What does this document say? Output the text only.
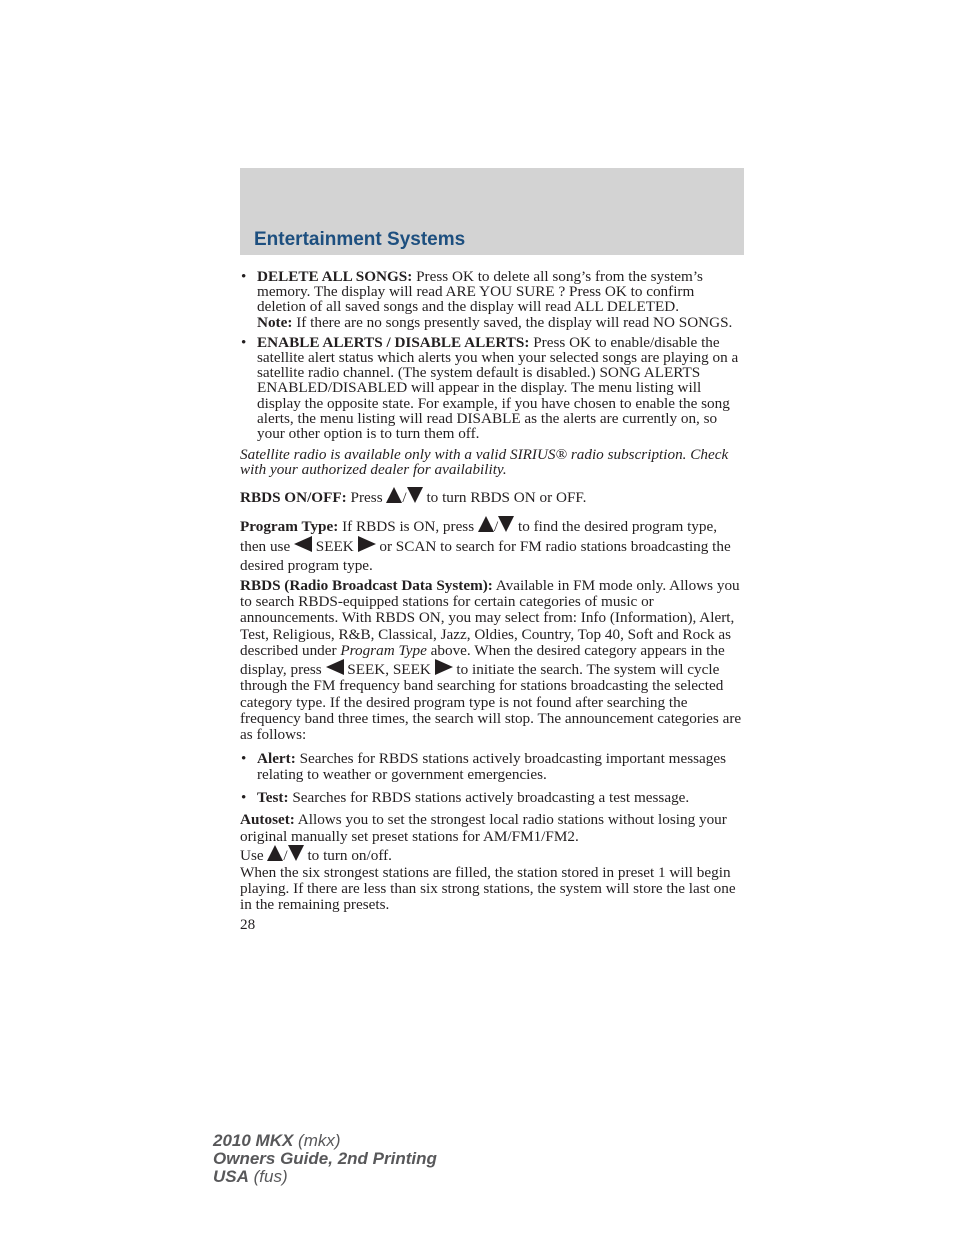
Entertainment Systems

• DELETE ALL SONGS: Press OK to delete all song’s from the system’s memory. The display will read ARE YOU SURE ? Press OK to confirm deletion of all saved songs and the display will read ALL DELETED.
Note: If there are no songs presently saved, the display will read NO SONGS.

• ENABLE ALERTS / DISABLE ALERTS: Press OK to enable/disable the satellite alert status which alerts you when your selected songs are playing on a satellite radio channel. (The system default is disabled.) SONG ALERTS ENABLED/DISABLED will appear in the display. The menu listing will display the opposite state. For example, if you have chosen to enable the song alerts, the menu listing will read DISABLE as the alerts are currently on, so your other option is to turn them off.

Satellite radio is available only with a valid SIRIUS® radio subscription. Check with your authorized dealer for availability.

RBDS ON/OFF: Press / to turn RBDS ON or OFF.

Program Type: If RBDS is ON, press / to find the desired program type, then use  SEEK  or SCAN to search for FM radio stations broadcasting the desired program type.

RBDS (Radio Broadcast Data System): Available in FM mode only. Allows you to search RBDS-equipped stations for certain categories of music or announcements. With RBDS ON, you may select from: Info (Information), Alert, Test, Religious, R&B, Classical, Jazz, Oldies, Country, Top 40, Soft and Rock as described under Program Type above. When the desired category appears in the display, press  SEEK, SEEK  to initiate the search. The system will cycle through the FM frequency band searching for stations broadcasting the selected category type. If the desired program type is not found after searching the frequency band three times, the search will stop. The announcement categories are as follows:

• Alert: Searches for RBDS stations actively broadcasting important messages relating to weather or government emergencies.

• Test: Searches for RBDS stations actively broadcasting a test message.

Autoset: Allows you to set the strongest local radio stations without losing your original manually set preset stations for AM/FM1/FM2.
Use / to turn on/off.

When the six strongest stations are filled, the station stored in preset 1 will begin playing. If there are less than six strong stations, the system will store the last one in the remaining presets.

28

2010 MKX (mkx)
Owners Guide, 2nd Printing
USA (fus)
